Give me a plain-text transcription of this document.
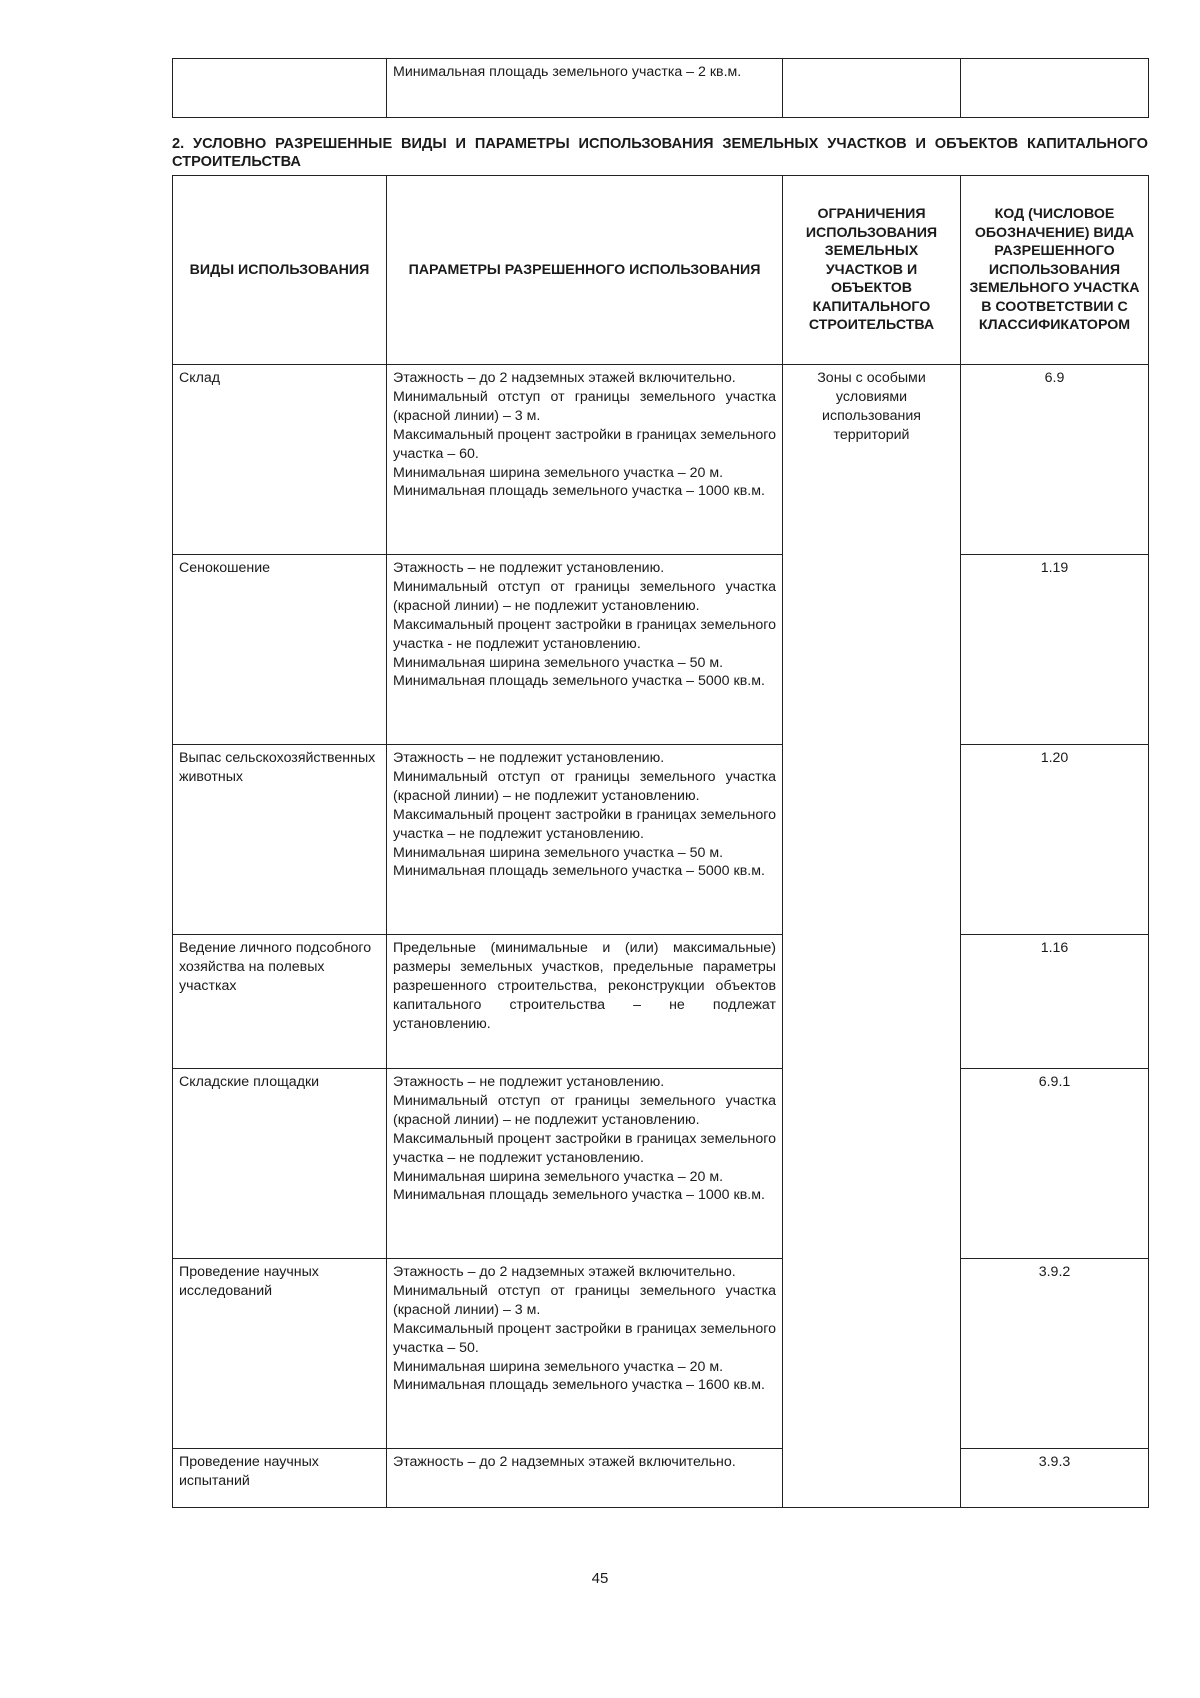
	Минимальная площадь земельного участка – 2 кв.м.		
2. УСЛОВНО РАЗРЕШЕННЫЕ ВИДЫ И ПАРАМЕТРЫ ИСПОЛЬЗОВАНИЯ ЗЕМЕЛЬНЫХ УЧАСТКОВ И ОБЪЕКТОВ КАПИТАЛЬНОГО СТРОИТЕЛЬСТВА
ВИДЫ ИСПОЛЬЗОВАНИЯ	ПАРАМЕТРЫ РАЗРЕШЕННОГО ИСПОЛЬЗОВАНИЯ	ОГРАНИЧЕНИЯ ИСПОЛЬЗОВАНИЯ ЗЕМЕЛЬНЫХ УЧАСТКОВ И ОБЪЕКТОВ КАПИТАЛЬНОГО СТРОИТЕЛЬСТВА	КОД (ЧИСЛОВОЕ ОБОЗНАЧЕНИЕ) ВИДА РАЗРЕШЕННОГО ИСПОЛЬЗОВАНИЯ ЗЕМЕЛЬНОГО УЧАСТКА В СООТВЕТСТВИИ С КЛАССИФИКАТОРОМ
Склад	Этажность – до 2 надземных этажей включительно.
Минимальный отступ от границы земельного участка (красной линии) – 3 м.
Максимальный процент застройки в границах земельного участка – 60.
Минимальная ширина земельного участка – 20 м.
Минимальная площадь земельного участка – 1000 кв.м.	Зоны с особыми условиями использования территорий	6.9
Сенокошение	Этажность – не подлежит установлению.
Минимальный отступ от границы земельного участка (красной линии) – не подлежит установлению.
Максимальный процент застройки в границах земельного участка - не подлежит установлению.
Минимальная ширина земельного участка – 50 м.
Минимальная площадь земельного участка – 5000 кв.м.		1.19
Выпас сельскохозяйственных животных	Этажность – не подлежит установлению.
Минимальный отступ от границы земельного участка (красной линии) – не подлежит установлению.
Максимальный процент застройки в границах земельного участка – не подлежит установлению.
Минимальная ширина земельного участка – 50 м.
Минимальная площадь земельного участка – 5000 кв.м.		1.20
Ведение личного подсобного хозяйства на полевых участках	Предельные (минимальные и (или) максимальные) размеры земельных участков, предельные параметры разрешенного строительства, реконструкции объектов капитального строительства – не подлежат установлению.		1.16
Складские площадки	Этажность – не подлежит установлению.
Минимальный отступ от границы земельного участка (красной линии) – не подлежит установлению.
Максимальный процент застройки в границах земельного участка – не подлежит установлению.
Минимальная ширина земельного участка – 20 м.
Минимальная площадь земельного участка – 1000 кв.м.		6.9.1
Проведение научных исследований	Этажность – до 2 надземных этажей включительно.
Минимальный отступ от границы земельного участка (красной линии) – 3 м.
Максимальный процент застройки в границах земельного участка – 50.
Минимальная ширина земельного участка – 20 м.
Минимальная площадь земельного участка – 1600 кв.м.		3.9.2
Проведение научных испытаний	Этажность – до 2 надземных этажей включительно.		3.9.3
45
